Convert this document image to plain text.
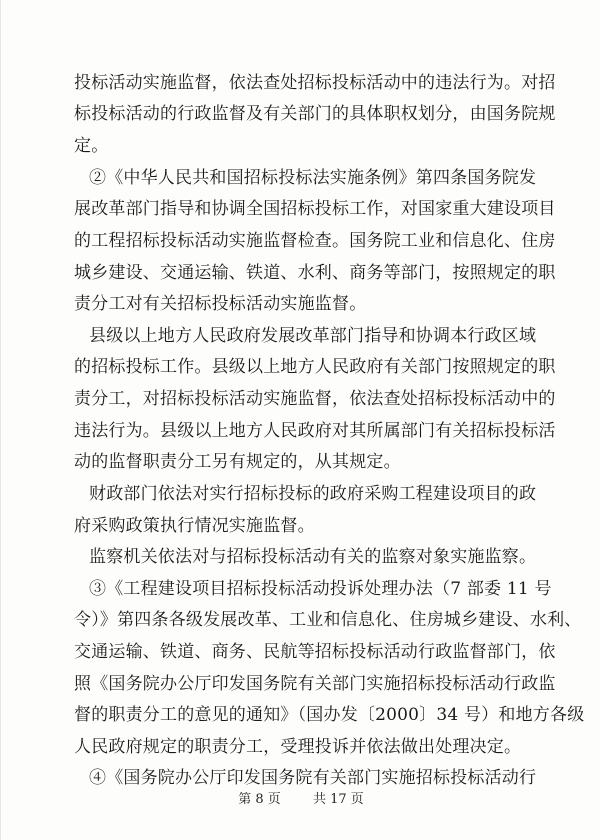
投标活动实施监督，依法查处招标投标活动中的违法行为。对招
标投标活动的行政监督及有关部门的具体职权划分，由国务院规
定。
②《中华人民共和国招标投标法实施条例》第四条国务院发
展改革部门指导和协调全国招标投标工作，对国家重大建设项目
的工程招标投标活动实施监督检查。国务院工业和信息化、住房
城乡建设、交通运输、铁道、水利、商务等部门，按照规定的职
责分工对有关招标投标活动实施监督。
县级以上地方人民政府发展改革部门指导和协调本行政区域
的招标投标工作。县级以上地方人民政府有关部门按照规定的职
责分工，对招标投标活动实施监督，依法查处招标投标活动中的
违法行为。县级以上地方人民政府对其所属部门有关招标投标活
动的监督职责分工另有规定的，从其规定。
财政部门依法对实行招标投标的政府采购工程建设项目的政
府采购政策执行情况实施监督。
监察机关依法对与招标投标活动有关的监察对象实施监察。
③《工程建设项目招标投标活动投诉处理办法（7 部委 11 号
令）》第四条各级发展改革、工业和信息化、住房城乡建设、水利、
交通运输、铁道、商务、民航等招标投标活动行政监督部门，依
照《国务院办公厅印发国务院有关部门实施招标投标活动行政监
督的职责分工的意见的通知》（国办发〔2000〕34 号）和地方各级
人民政府规定的职责分工，受理投诉并依法做出处理决定。
④《国务院办公厅印发国务院有关部门实施招标投标活动行
第 8 页 共 17 页
